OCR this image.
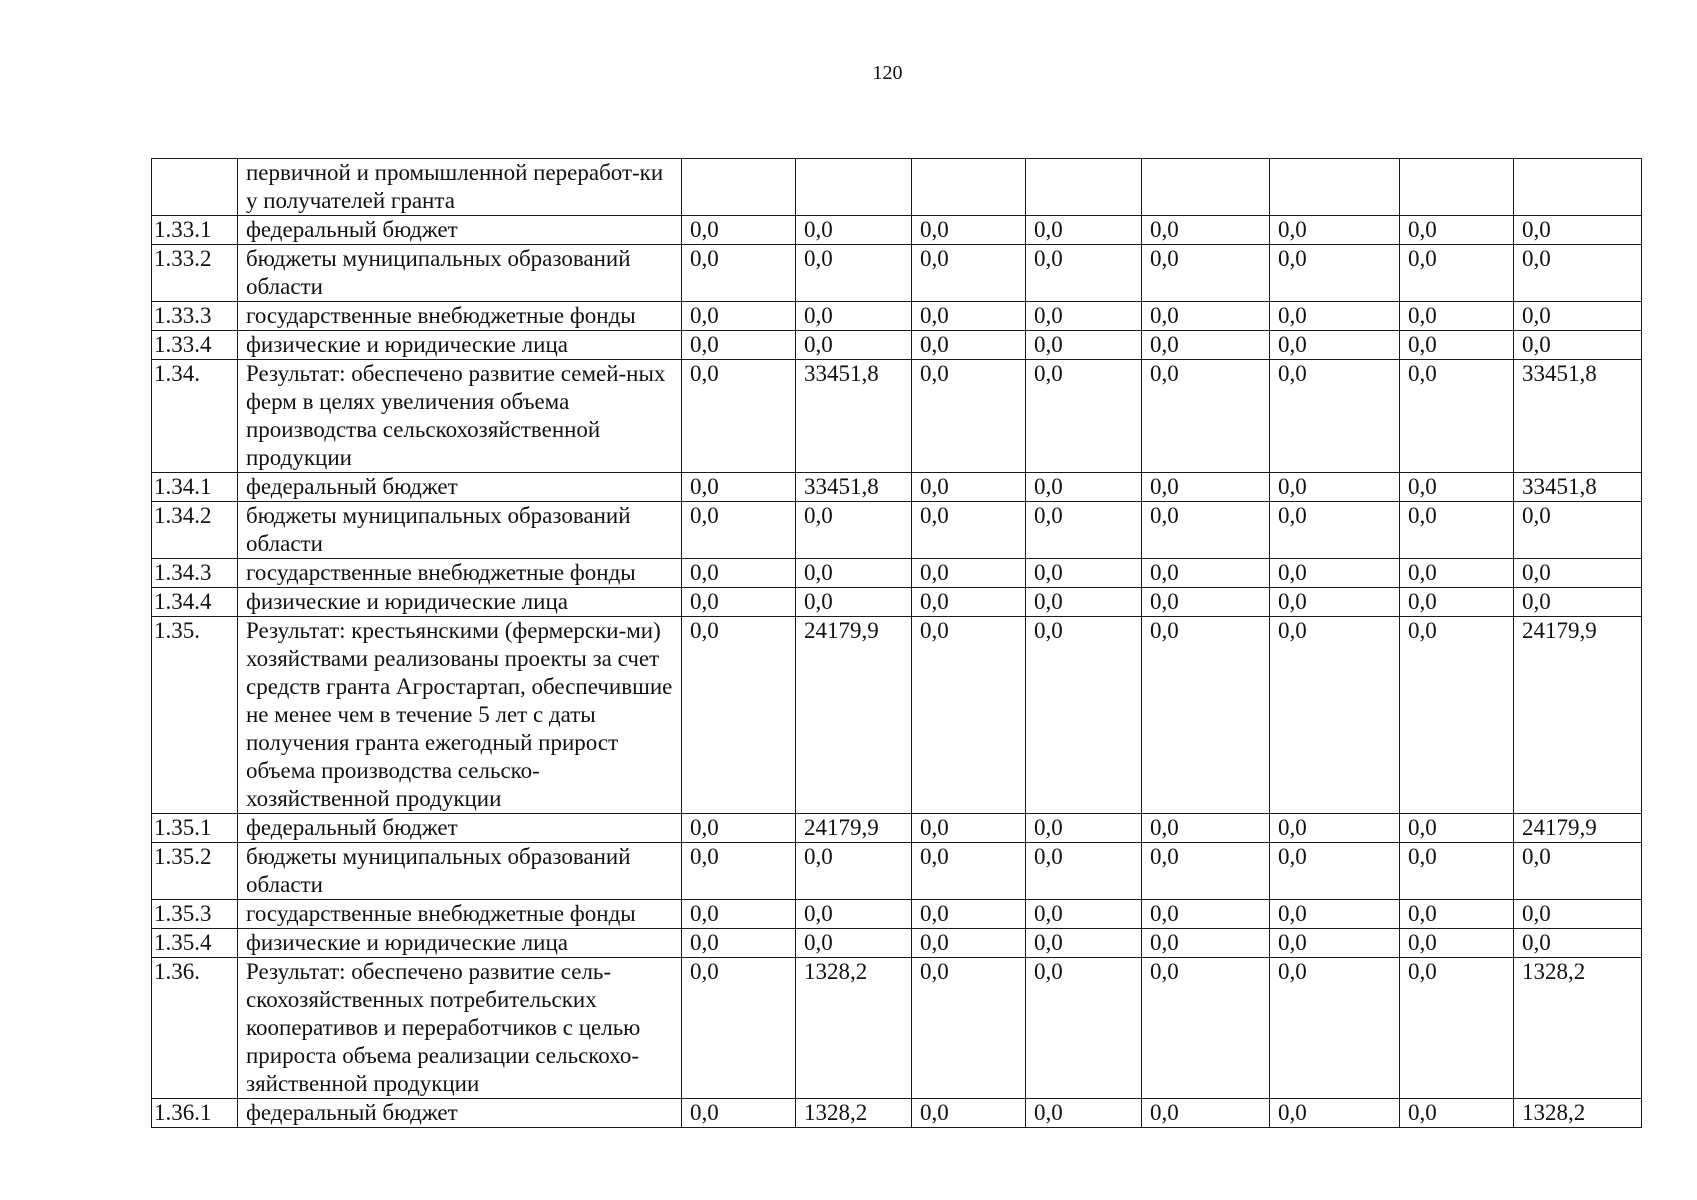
120
	первичной и промышленной переработ-ки у получателей гранта								
1.33.1	федеральный бюджет	0,0	0,0	0,0	0,0	0,0	0,0	0,0	0,0
1.33.2	бюджеты муниципальных образований области	0,0	0,0	0,0	0,0	0,0	0,0	0,0	0,0
1.33.3	государственные внебюджетные фонды	0,0	0,0	0,0	0,0	0,0	0,0	0,0	0,0
1.33.4	физические и юридические лица	0,0	0,0	0,0	0,0	0,0	0,0	0,0	0,0
1.34.	Результат: обеспечено развитие семей-ных ферм в целях увеличения объема производства сельскохозяйственной продукции	0,0	33451,8	0,0	0,0	0,0	0,0	0,0	33451,8
1.34.1	федеральный бюджет	0,0	33451,8	0,0	0,0	0,0	0,0	0,0	33451,8
1.34.2	бюджеты муниципальных образований области	0,0	0,0	0,0	0,0	0,0	0,0	0,0	0,0
1.34.3	государственные внебюджетные фонды	0,0	0,0	0,0	0,0	0,0	0,0	0,0	0,0
1.34.4	физические и юридические лица	0,0	0,0	0,0	0,0	0,0	0,0	0,0	0,0
1.35.	Результат: крестьянскими (фермерски-ми) хозяйствами реализованы проекты за счет средств гранта Агростартап, обеспечившие не менее чем в течение 5 лет с даты получения гранта ежегодный прирост объема производства сельско-хозяйственной продукции	0,0	24179,9	0,0	0,0	0,0	0,0	0,0	24179,9
1.35.1	федеральный бюджет	0,0	24179,9	0,0	0,0	0,0	0,0	0,0	24179,9
1.35.2	бюджеты муниципальных образований области	0,0	0,0	0,0	0,0	0,0	0,0	0,0	0,0
1.35.3	государственные внебюджетные фонды	0,0	0,0	0,0	0,0	0,0	0,0	0,0	0,0
1.35.4	физические и юридические лица	0,0	0,0	0,0	0,0	0,0	0,0	0,0	0,0
1.36.	Результат: обеспечено развитие сель-скохозяйственных потребительских кооперативов и переработчиков с целью прироста объема реализации сельскохо-зяйственной продукции	0,0	1328,2	0,0	0,0	0,0	0,0	0,0	1328,2
1.36.1	федеральный бюджет	0,0	1328,2	0,0	0,0	0,0	0,0	0,0	1328,2
